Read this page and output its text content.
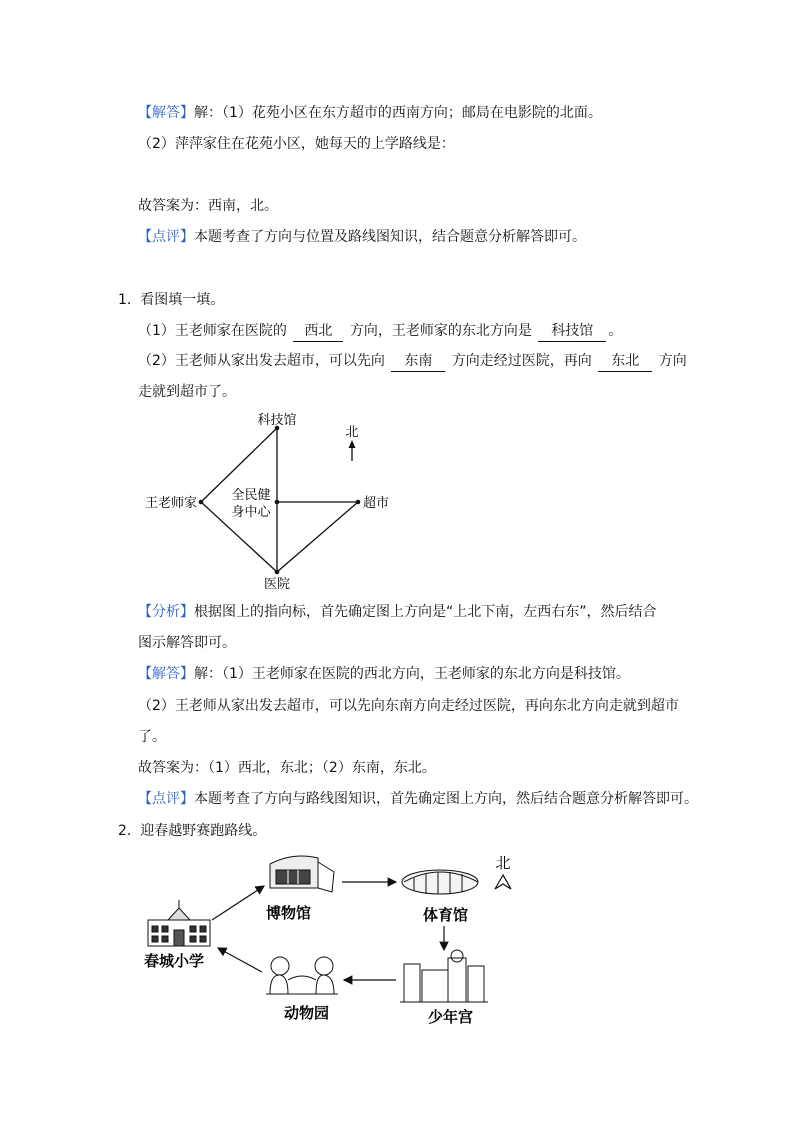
【解答】解：（1）花苑小区在东方超市的西南方向；邮局在电影院的北面。
（2）萍萍家住在花苑小区，她每天的上学路线是：
故答案为：西南，北。
【点评】本题考查了方向与位置及路线图知识，结合题意分析解答即可。
1. 看图填一填。
（1）王老师家在医院的 西北 方向，王老师家的东北方向是 科技馆 。
（2）王老师从家出发去超市，可以先向 东南 方向走经过医院，再向 东北 方向
走就到超市了。
北
科技馆
王老师家
全民健
身中心
超市
医院
【分析】根据图上的指向标，首先确定图上方向是“上北下南，左西右东”，然后结合
图示解答即可。
【解答】解：（1）王老师家在医院的西北方向，王老师家的东北方向是科技馆。
（2）王老师从家出发去超市，可以先向东南方向走经过医院，再向东北方向走就到超市
了。
故答案为：（1）西北，东北；（2）东南，东北。
【点评】本题考查了方向与路线图知识，首先确定图上方向，然后结合题意分析解答即可。
2. 迎春越野赛跑路线。
北
春城小学
博物馆	体育馆
少年宫
动物园
